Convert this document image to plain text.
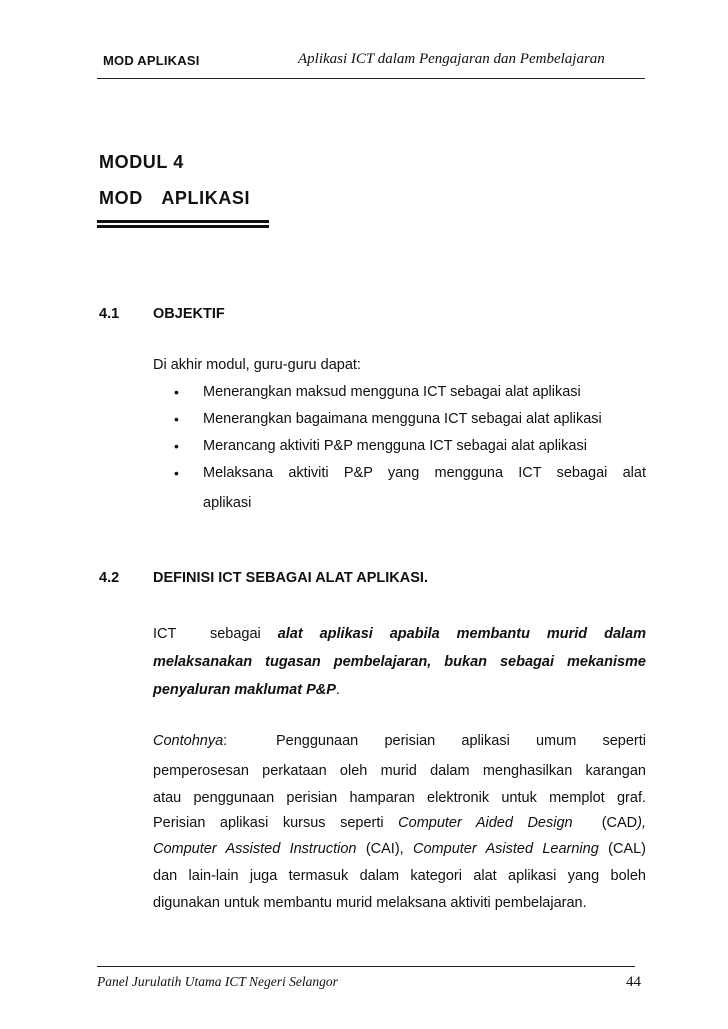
MOD APLIKASI	Aplikasi ICT dalam Pengajaran dan Pembelajaran
MODUL 4
MOD  APLIKASI
4.1 OBJEKTIF
Di akhir modul, guru-guru dapat:
• Menerangkan maksud mengguna ICT sebagai alat aplikasi
• Menerangkan bagaimana mengguna ICT sebagai alat aplikasi
• Merancang aktiviti P&P mengguna ICT sebagai alat aplikasi
• Melaksana aktiviti P&P yang mengguna ICT sebagai alat
aplikasi
4.2 DEFINISI ICT SEBAGAI ALAT APLIKASI.
ICT  sebagai alat aplikasi apabila membantu murid dalam
melaksanakan tugasan pembelajaran, bukan sebagai mekanisme
penyaluran maklumat P&P.
Contohnya:	Penggunaan perisian aplikasi umum seperti
pemperosesan perkataan oleh murid dalam menghasilkan karangan
atau penggunaan perisian hamparan elektronik untuk memplot graf.
Perisian aplikasi kursus seperti Computer Aided Design  (CAD),
Computer Assisted Instruction (CAI), Computer Asisted Learning (CAL)
dan lain-lain juga termasuk dalam kategori alat aplikasi yang boleh
digunakan untuk membantu murid melaksana aktiviti pembelajaran.
Panel Jurulatih Utama ICT Negeri Selangor	44
